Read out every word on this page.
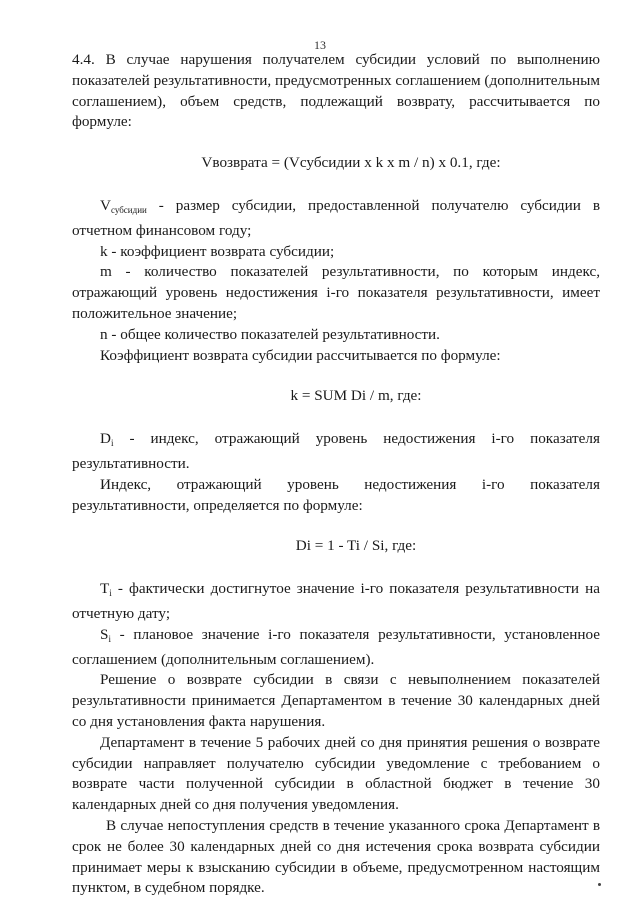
13

4.4. В случае нарушения получателем субсидии условий по выполнению показателей результативности, предусмотренных соглашением (дополнительным соглашением), объем средств, подлежащий возврату, рассчитывается по формуле:

Vвозврата = (Vсубсидии x k x m / n) x 0.1, где:

$V_{субсидии}$ - размер субсидии, предоставленной получателю субсидии в отчетном финансовом году;

k - коэффициент возврата субсидии;

m - количество показателей результативности, по которым индекс, отражающий уровень недостижения i-го показателя результативности, имеет положительное значение;

n - общее количество показателей результативности.

Коэффициент возврата субсидии рассчитывается по формуле:

k = SUM Di / m, где:

$D_i$ - индекс, отражающий уровень недостижения i-го показателя результативности.

Индекс, отражающий уровень недостижения i-го показателя результативности, определяется по формуле:

Di = 1 - Ti / Si, где:

$T_i$ - фактически достигнутое значение i-го показателя результативности на отчетную дату;

$S_i$ - плановое значение i-го показателя результативности, установленное соглашением (дополнительным соглашением).

Решение о возврате субсидии в связи с невыполнением показателей результативности принимается Департаментом в течение 30 календарных дней со дня установления факта нарушения.

Департамент в течение 5 рабочих дней со дня принятия решения о возврате субсидии направляет получателю субсидии уведомление с требованием о возврате части полученной субсидии в областной бюджет в течение 30 календарных дней со дня получения уведомления.

В случае непоступления средств в течение указанного срока Департамент в срок не более 30 календарных дней со дня истечения срока возврата субсидии принимает меры к взысканию субсидии в объеме, предусмотренном настоящим пунктом, в судебном порядке.
